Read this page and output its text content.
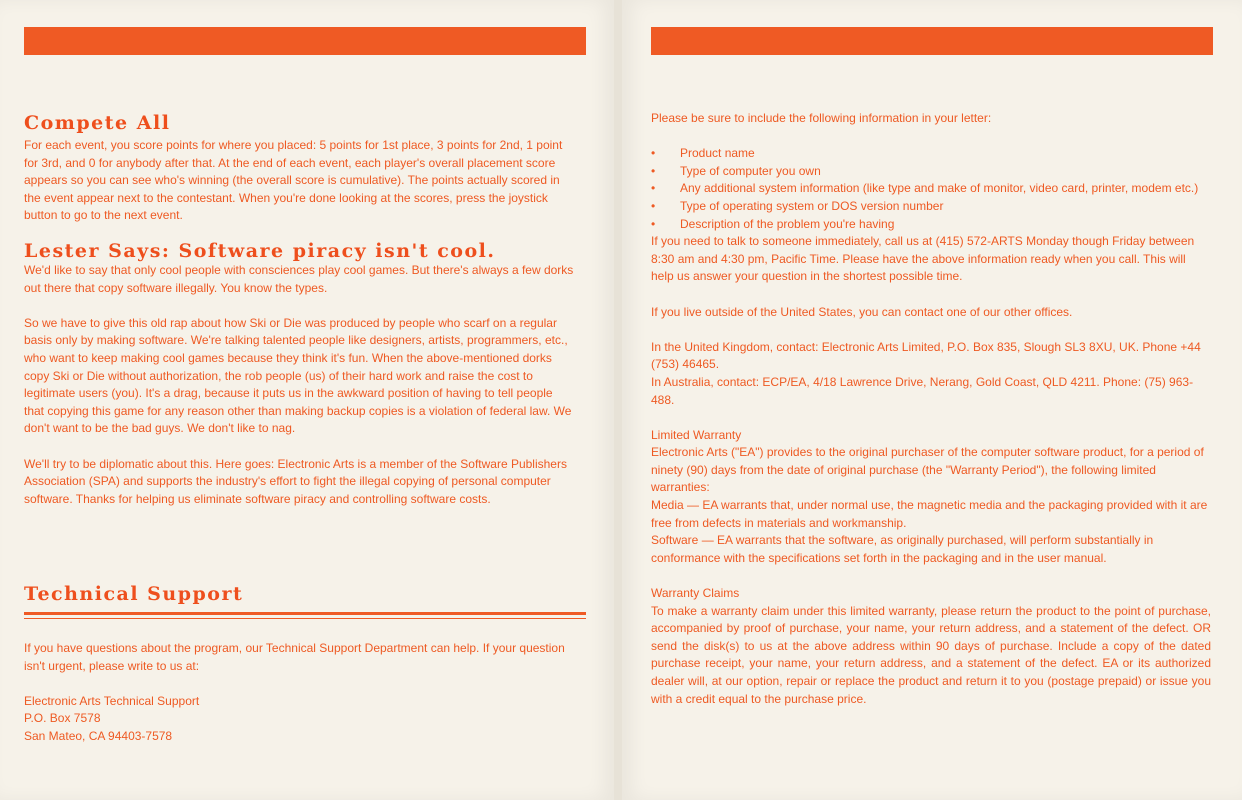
Compete All

For each event, you score points for where you placed: 5 points for 1st place, 3 points for 2nd, 1 point for 3rd, and 0 for anybody after that. At the end of each event, each player's overall placement score appears so you can see who's winning (the overall score is cumulative). The points actually scored in the event appear next to the contestant. When you're done looking at the scores, press the joystick button to go to the next event.

Lester Says: Software piracy isn't cool.

We'd like to say that only cool people with consciences play cool games. But there's always a few dorks out there that copy software illegally. You know the types.

So we have to give this old rap about how Ski or Die was produced by people who scarf on a regular basis only by making software. We're talking talented people like designers, artists, programmers, etc., who want to keep making cool games because they think it's fun. When the above-mentioned dorks copy Ski or Die without authorization, the rob people (us) of their hard work and raise the cost to legitimate users (you). It's a drag, because it puts us in the awkward position of having to tell people that copying this game for any reason other than making backup copies is a violation of federal law. We don't want to be the bad guys. We don't like to nag.

We'll try to be diplomatic about this. Here goes: Electronic Arts is a member of the Software Publishers Association (SPA) and supports the industry's effort to fight the illegal copying of personal computer software. Thanks for helping us eliminate software piracy and controlling software costs.

Technical Support

If you have questions about the program, our Technical Support Department can help. If your question isn't urgent, please write to us at:

Electronic Arts Technical Support

P.O. Box 7578

San Mateo, CA 94403-7578

Please be sure to include the following information in your letter:

• Product name
• Type of computer you own
• Any additional system information (like type and make of monitor, video card, printer, modem etc.)
• Type of operating system or DOS version number
• Description of the problem you're having

If you need to talk to someone immediately, call us at (415) 572-ARTS Monday though Friday between 8:30 am and 4:30 pm, Pacific Time. Please have the above information ready when you call. This will help us answer your question in the shortest possible time.

If you live outside of the United States, you can contact one of our other offices.

In the United Kingdom, contact: Electronic Arts Limited, P.O. Box 835, Slough SL3 8XU, UK. Phone +44 (753) 46465.

In Australia, contact: ECP/EA, 4/18 Lawrence Drive, Nerang, Gold Coast, QLD 4211. Phone: (75) 963-488.

Limited Warranty

Electronic Arts ("EA") provides to the original purchaser of the computer software product, for a period of ninety (90) days from the date of original purchase (the "Warranty Period"), the following limited warranties:

Media — EA warrants that, under normal use, the magnetic media and the packaging provided with it are free from defects in materials and workmanship.

Software — EA warrants that the software, as originally purchased, will perform substantially in conformance with the specifications set forth in the packaging and in the user manual.

Warranty Claims

To make a warranty claim under this limited warranty, please return the product to the point of purchase, accompanied by proof of purchase, your name, your return address, and a statement of the defect. OR send the disk(s) to us at the above address within 90 days of purchase. Include a copy of the dated purchase receipt, your name, your return address, and a statement of the defect. EA or its authorized dealer will, at our option, repair or replace the product and return it to you (postage prepaid) or issue you with a credit equal to the purchase price.
